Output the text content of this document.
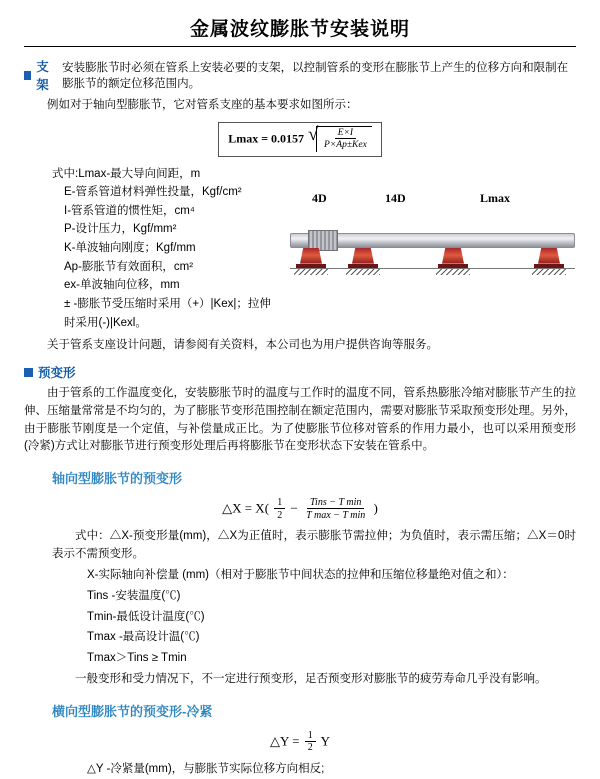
金属波纹膨胀节安装说明
支架
安装膨胀节时必须在管系上安装必要的支架，以控制管系的变形在膨胀节上产生的位移方向和限制在膨胀节的额定位移范围内。

例如对于轴向型膨胀节，它对管系支座的基本要求如图所示：

Lmax = 0.0157 √ $\frac{E\times I}{\text{P×Ap±Kex}}$
式中:Lmax-最大导向间距，m
E-管系管道材料弹性投量，Kgf/cm²
I-管系管道的惯性矩，cm⁴
P-设计压力，Kgf/mm²
K-单波轴向刚度；Kgf/mm
Ap-膨胀节有效面积，cm²
ex-单波轴向位移，mm
± -膨胀节受压缩时采用（+）|Kex|；拉伸时采用(-)|Kexl。
4D	14D	Lmax

关于管系支座设计问题，请参阅有关资料，本公司也为用户提供咨询等服务。

预变形

由于管系的工作温度变化，安装膨胀节时的温度与工作时的温度不同，管系热膨胀冷缩对膨胀节产生的拉伸、压缩量常常是不均匀的，为了膨胀节变形范围控制在额定范围内，需要对膨胀节采取预变形处理。另外，由于膨胀节刚度是一个定值，与补偿量成正比。为了使膨胀节位移对管系的作用力最小，也可以采用预变形(冷紧)方式让对膨胀节进行预变形处理后再将膨胀节在变形状态下安装在管系中。

轴向型膨胀节的预变形
△X = $X( \frac{1}{2} - \frac{\text{Tins − T min}}{\text{T max − T min}}$ )

式中：△X-预变形量(mm)，△X为正值时，表示膨胀节需拉伸；为负值时，表示需压缩；△X＝0时表示不需预变形。

X-实际轴向补偿量 (mm)（相对于膨胀节中间状态的拉伸和压缩位移量绝对值之和）：

Tins -安装温度(℃)

Tmin-最低设计温度(℃)

Tmax -最高设计温(℃)

Tmax＞Tins ≥ Tmin

一般变形和受力情况下，不一定进行预变形，足否预变形对膨胀节的疲劳寿命几乎没有影响。

横向型膨胀节的预变形-冷紧
△Y = $\frac{1}{2}$ Y

△Y -冷紧量(mm)，与膨胀节实际位移方向相反;
